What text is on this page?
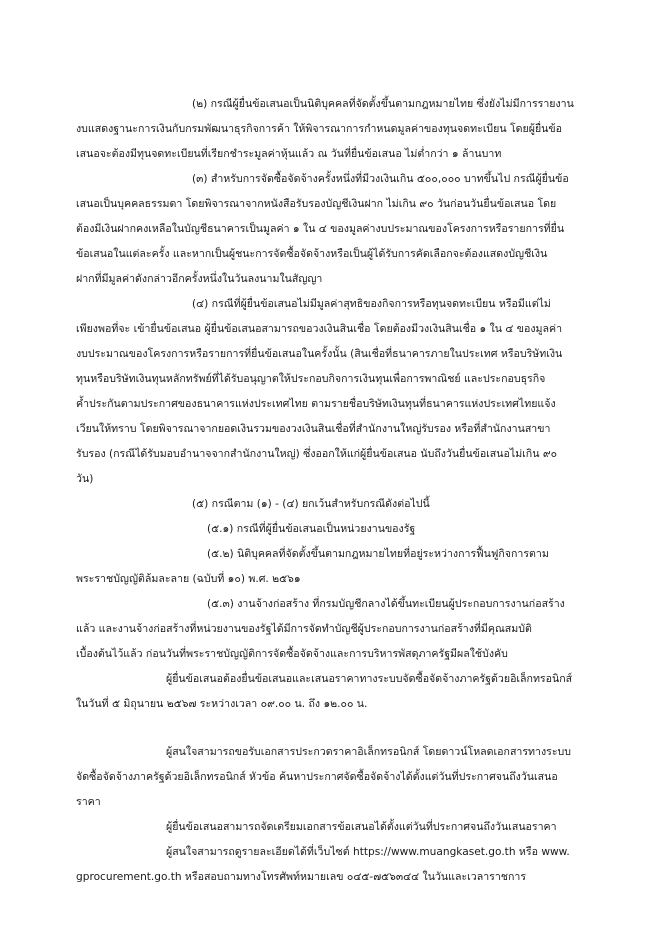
(๒) กรณีผู้ยื่นข้อเสนอเป็นนิติบุคคลที่จัดตั้งขึ้นตามกฎหมายไทย ซึ่งยังไม่มีการรายงาน
งบแสดงฐานะการเงินกับกรมพัฒนาธุรกิจการค้า ให้พิจารณาการกำหนดมูลค่าของทุนจดทะเบียน โดยผู้ยื่นข้อ
เสนอจะต้องมีทุนจดทะเบียนที่เรียกชำระมูลค่าหุ้นแล้ว ณ วันที่ยื่นข้อเสนอ ไม่ต่ำกว่า ๑ ล้านบาท
(๓) สำหรับการจัดซื้อจัดจ้างครั้งหนึ่งที่มีวงเงินเกิน ๕๐๐,๐๐๐ บาทขึ้นไป กรณีผู้ยื่นข้อ
เสนอเป็นบุคคลธรรมดา โดยพิจารณาจากหนังสือรับรองบัญชีเงินฝาก ไม่เกิน ๙๐ วันก่อนวันยื่นข้อเสนอ โดย
ต้องมีเงินฝากคงเหลือในบัญชีธนาคารเป็นมูลค่า ๑ ใน ๔ ของมูลค่างบประมาณของโครงการหรือรายการที่ยื่น
ข้อเสนอในแต่ละครั้ง และหากเป็นผู้ชนะการจัดซื้อจัดจ้างหรือเป็นผู้ได้รับการคัดเลือกจะต้องแสดงบัญชีเงิน
ฝากที่มีมูลค่าดังกล่าวอีกครั้งหนึ่งในวันลงนามในสัญญา
(๔) กรณีที่ผู้ยื่นข้อเสนอไม่มีมูลค่าสุทธิของกิจการหรือทุนจดทะเบียน หรือมีแต่ไม่
เพียงพอที่จะ เข้ายื่นข้อเสนอ ผู้ยื่นข้อเสนอสามารถขอวงเงินสินเชื่อ โดยต้องมีวงเงินสินเชื่อ ๑ ใน ๔ ของมูลค่า
งบประมาณของโครงการหรือรายการที่ยื่นข้อเสนอในครั้งนั้น (สินเชื่อที่ธนาคารภายในประเทศ หรือบริษัทเงิน
ทุนหรือบริษัทเงินทุนหลักทรัพย์ที่ได้รับอนุญาตให้ประกอบกิจการเงินทุนเพื่อการพาณิชย์ และประกอบธุรกิจ
ค้ำประกันตามประกาศของธนาคารแห่งประเทศไทย ตามรายชื่อบริษัทเงินทุนที่ธนาคารแห่งประเทศไทยแจ้ง
เวียนให้ทราบ โดยพิจารณาจากยอดเงินรวมของวงเงินสินเชื่อที่สำนักงานใหญ่รับรอง หรือที่สำนักงานสาขา
รับรอง (กรณีได้รับมอบอำนาจจากสำนักงานใหญ่) ซึ่งออกให้แก่ผู้ยื่นข้อเสนอ นับถึงวันยื่นข้อเสนอไม่เกิน ๙๐
วัน)
(๕) กรณีตาม (๑) - (๔) ยกเว้นสำหรับกรณีดังต่อไปนี้
(๕.๑) กรณีที่ผู้ยื่นข้อเสนอเป็นหน่วยงานของรัฐ
(๕.๒) นิติบุคคลที่จัดตั้งขึ้นตามกฎหมายไทยที่อยู่ระหว่างการฟื้นฟูกิจการตาม
พระราชบัญญัติล้มละลาย (ฉบับที่ ๑๐) พ.ศ. ๒๕๖๑
(๕.๓) งานจ้างก่อสร้าง ที่กรมบัญชีกลางได้ขึ้นทะเบียนผู้ประกอบการงานก่อสร้าง
แล้ว และงานจ้างก่อสร้างที่หน่วยงานของรัฐได้มีการจัดทำบัญชีผู้ประกอบการงานก่อสร้างที่มีคุณสมบัติ
เบื้องต้นไว้แล้ว ก่อนวันที่พระราชบัญญัติการจัดซื้อจัดจ้างและการบริหารพัสดุภาครัฐมีผลใช้บังคับ
ผู้ยื่นข้อเสนอต้องยื่นข้อเสนอและเสนอราคาทางระบบจัดซื้อจัดจ้างภาครัฐด้วยอิเล็กทรอนิกส์
ในวันที่ ๕ มิถุนายน ๒๕๖๗ ระหว่างเวลา ๐๙.๐๐ น. ถึง ๑๒.๐๐ น.
ผู้สนใจสามารถขอรับเอกสารประกวดราคาอิเล็กทรอนิกส์ โดยดาวน์โหลดเอกสารทางระบบ
จัดซื้อจัดจ้างภาครัฐด้วยอิเล็กทรอนิกส์ หัวข้อ ค้นหาประกาศจัดซื้อจัดจ้างได้ตั้งแต่วันที่ประกาศจนถึงวันเสนอ
ราคา
ผู้ยื่นข้อเสนอสามารถจัดเตรียมเอกสารข้อเสนอได้ตั้งแต่วันที่ประกาศจนถึงวันเสนอราคา
ผู้สนใจสามารถดูรายละเอียดได้ที่เว็บไซต์ https://www.muangkaset.go.th หรือ www.
gprocurement.go.th หรือสอบถามทางโทรศัพท์หมายเลข ๐๔๕-๗๕๖๓๔๔ ในวันและเวลาราชการ
